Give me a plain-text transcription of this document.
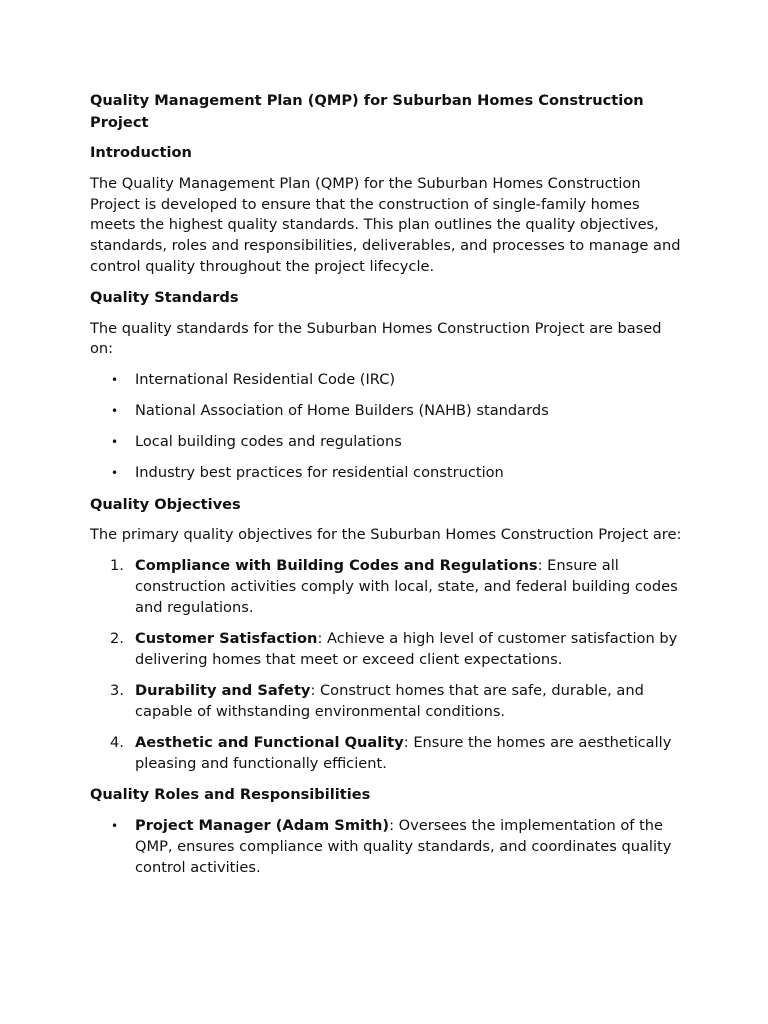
Quality Management Plan (QMP) for Suburban Homes Construction Project
Introduction

The Quality Management Plan (QMP) for the Suburban Homes Construction Project is developed to ensure that the construction of single-family homes meets the highest quality standards. This plan outlines the quality objectives, standards, roles and responsibilities, deliverables, and processes to manage and control quality throughout the project lifecycle.

Quality Standards

The quality standards for the Suburban Homes Construction Project are based on:

• International Residential Code (IRC)
• National Association of Home Builders (NAHB) standards
• Local building codes and regulations
• Industry best practices for residential construction
Quality Objectives

The primary quality objectives for the Suburban Homes Construction Project are:

1. Compliance with Building Codes and Regulations: Ensure all construction activities comply with local, state, and federal building codes and regulations.
2. Customer Satisfaction: Achieve a high level of customer satisfaction by delivering homes that meet or exceed client expectations.
3. Durability and Safety: Construct homes that are safe, durable, and capable of withstanding environmental conditions.
4. Aesthetic and Functional Quality: Ensure the homes are aesthetically pleasing and functionally efficient.
Quality Roles and Responsibilities
• Project Manager (Adam Smith): Oversees the implementation of the QMP, ensures compliance with quality standards, and coordinates quality control activities.
